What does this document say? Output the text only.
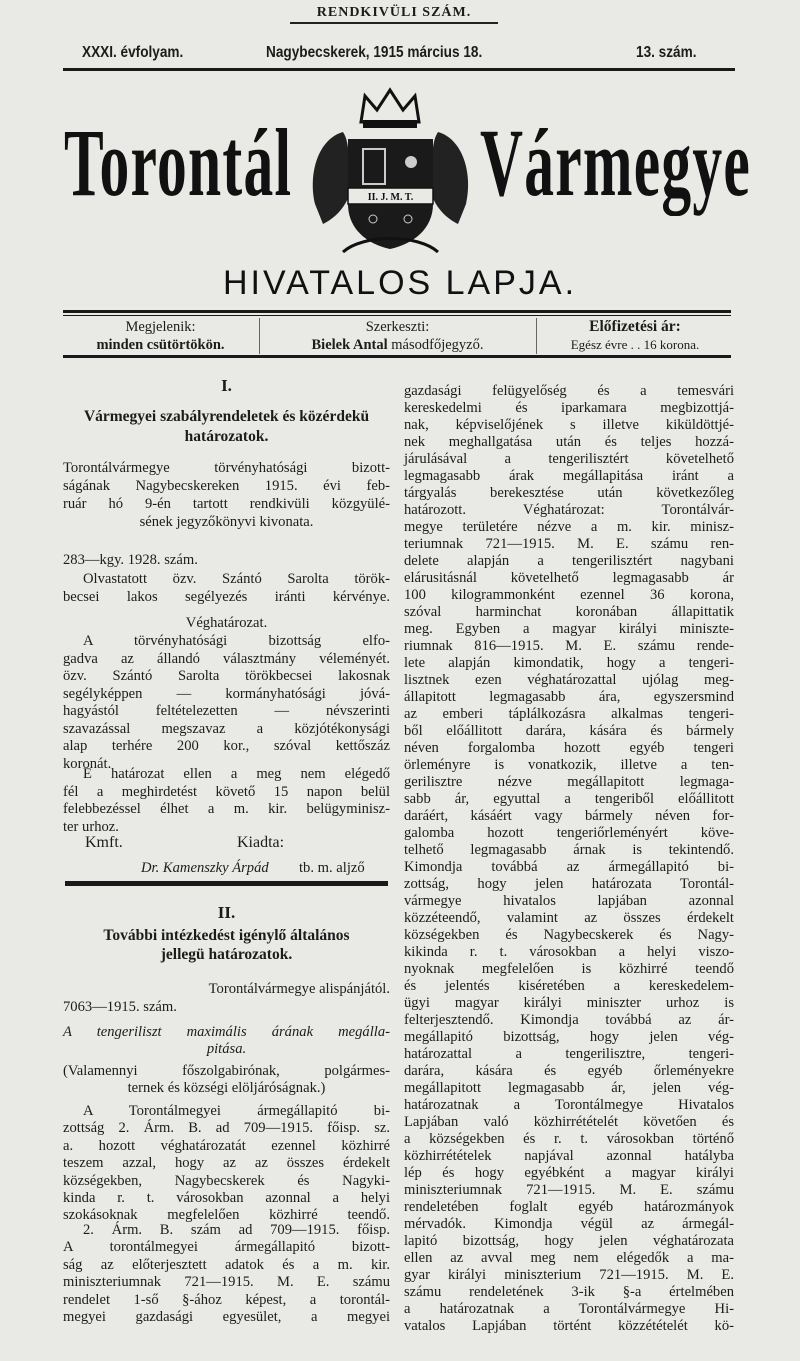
RENDKIVÜLI SZÁM.
XXXI. évfolyam.	Nagybecskerek, 1915 március 18.	13. szám.
Torontál Vármegye
II. J. M. T.
HIVATALOS LAPJA.
Megjelenik:
minden csütörtökön.
Szerkeszti:
Bielek Antal másodfőjegyző.
Előfizetési ár:
Egész évre . . 16 korona.
I.
Vármegyei szabályrendeletek és közérdekü
határozatok.
Torontálvármegye törvényhatósági bizott-
ságának Nagybecskereken 1915. évi feb-
ruár hó 9-én tartott rendkivüli közgyülé-
sének jegyzőkönyvi kivonata.
283—kgy. 1928. szám.
Olvastatott özv. Szántó Sarolta török-
becsei lakos segélyezés iránti kérvénye.
Véghatározat.
A törvényhatósági bizottság elfo-
gadva az állandó választmány véleményét.
özv. Szántó Sarolta törökbecsei lakosnak
segélyképpen — kormányhatósági jóvá-
hagyástól feltételezetten — névszerinti
szavazással megszavaz a közjótékonysági
alap terhére 200 kor., szóval kettőszáz
koronát.
E határozat ellen a meg nem elégedő
fél a meghirdetést követő 15 napon belül
felebbezéssel élhet a m. kir. belügyminisz-
ter urhoz.
Kmft.	Kiadta:
Dr. Kamenszky Árpád tb. m. aljző
II.
További intézkedést igénylő általános
jellegü határozatok.
Torontálvármegye alispánjától.
7063—1915. szám.
A tengeriliszt maximális árának megálla-
pitása.
(Valamennyi főszolgabirónak, polgármes-
ternek és községi elöljáróságnak.)
A Torontálmegyei ármegállapitó bi-
zottság 2. Árm. B. ad 709—1915. főisp. sz.
a. hozott véghatározatát ezennel közhirré
teszem azzal, hogy az az összes érdekelt
községekben, Nagybecskerek és Nagyki-
kinda r. t. városokban azonnal a helyi
szokásoknak megfelelően közhirré teendő.
2. Árm. B. szám ad 709—1915. főisp.
A torontálmegyei ármegállapitó bizott-
ság az előterjesztett adatok és a m. kir.
miniszteriumnak 721—1915. M. E. számu
rendelet 1-ső §-ához képest, a torontál-
megyei gazdasági egyesület, a megyei
gazdasági felügyelőség és a temesvári
kereskedelmi és iparkamara megbizottjá-
nak, képviselőjének s illetve kiküldöttjé-
nek meghallgatása után és teljes hozzá-
járulásával a tengerilisztért követelhető
legmagasabb árak megállapitása iránt a
tárgyalás berekesztése után következőleg
határozott. Véghatározat: Torontálvár-
megye területére nézve a m. kir. minisz-
teriumnak 721—1915. M. E. számu ren-
delete alapján a tengerilisztért nagybani
elárusitásnál követelhető legmagasabb ár
100 kilogrammonként ezennel 36 korona,
szóval harminchat koronában állapittatik
meg. Egyben a magyar királyi miniszte-
riumnak 816—1915. M. E. számu rende-
lete alapján kimondatik, hogy a tengeri-
lisztnek ezen véghatározattal ujólag meg-
állapitott legmagasabb ára, egyszersmind
az emberi táplálkozásra alkalmas tengeri-
ből előállitott darára, kására és bármely
néven forgalomba hozott egyéb tengeri
örleményre is vonatkozik, illetve a ten-
gerilisztre nézve megállapitott legmaga-
sabb ár, egyuttal a tengeriből előállitott
daráért, kásáért vagy bármely néven for-
galomba hozott tengeriőrleményért köve-
telhető legmagasabb árnak is tekintendő.
Kimondja továbbá az ármegállapitó bi-
zottság, hogy jelen határozata Torontál-
vármegye hivatalos lapjában azonnal
közzéteendő, valamint az összes érdekelt
községekben és Nagybecskerek és Nagy-
kikinda r. t. városokban a helyi viszo-
nyoknak megfelelően is közhirré teendő
és jelentés kiséretében a kereskedelem-
ügyi magyar királyi miniszter urhoz is
felterjesztendő. Kimondja továbbá az ár-
megállapitó bizottság, hogy jelen vég-
határozattal a tengerilisztre, tengeri-
darára, kására és egyéb őrleményekre
megállapitott legmagasabb ár, jelen vég-
határozatnak a Torontálmegye Hivatalos
Lapjában való közhirrétételét követően és
a községekben és r. t. városokban történő
közhirrétételek napjával azonnal hatályba
lép és hogy egyébként a magyar királyi
miniszteriumnak 721—1915. M. E. számu
rendeletében foglalt egyéb határozmányok
mérvadók. Kimondja végül az ármegál-
lapitó bizottság, hogy jelen véghatározata
ellen az avval meg nem elégedők a ma-
gyar királyi miniszterium 721—1915. M. E.
számu rendeletének 3-ik §-a értelmében
a határozatnak a Torontálvármegye Hi-
vatalos Lapjában történt közzétételét kö-
